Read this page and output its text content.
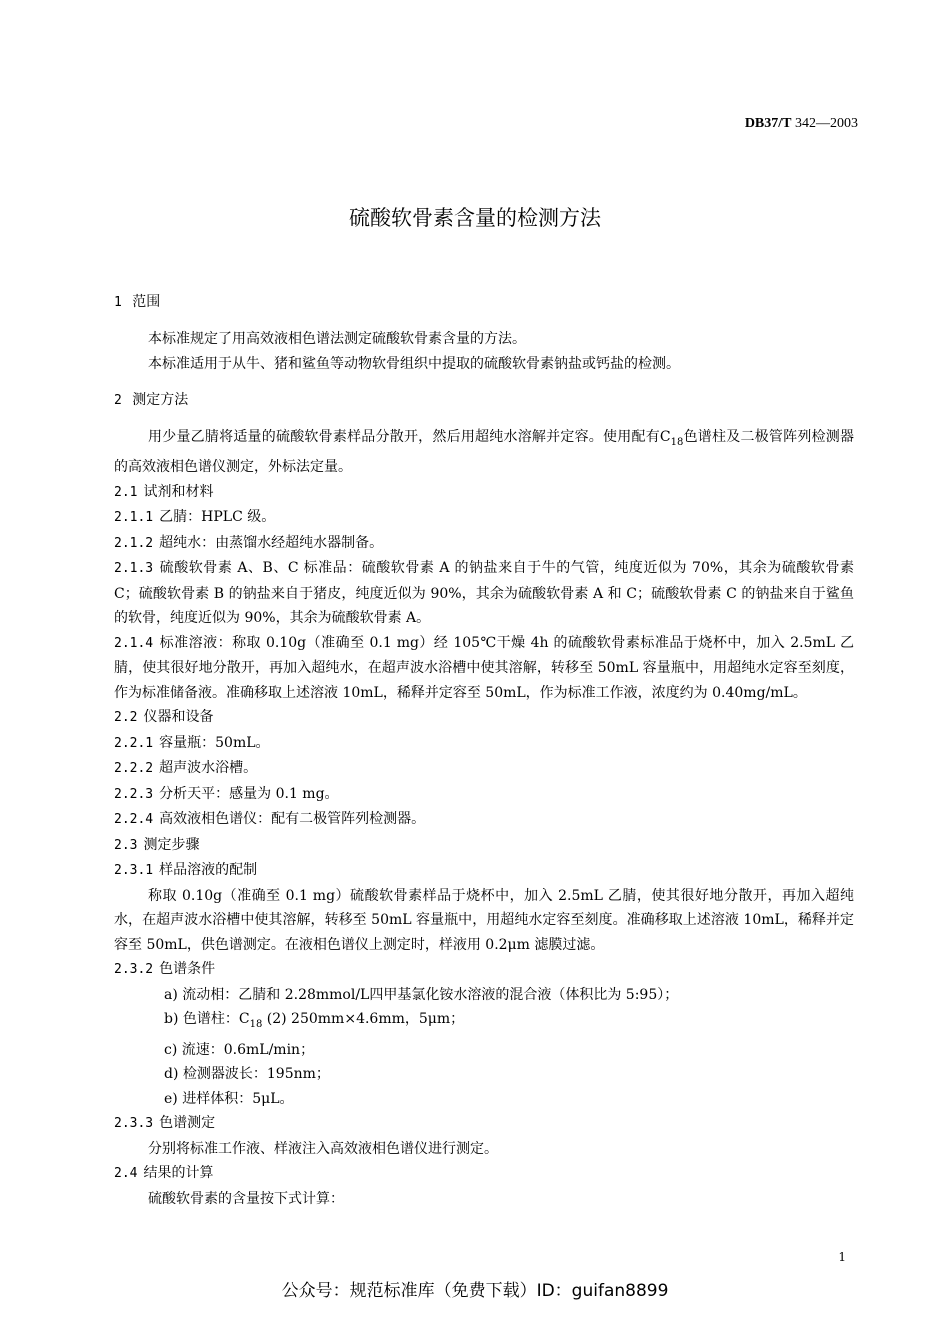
DB37/T 342—2003
硫酸软骨素含量的检测方法
1 范围
本标准规定了用高效液相色谱法测定硫酸软骨素含量的方法。
本标准适用于从牛、猪和鲨鱼等动物软骨组织中提取的硫酸软骨素钠盐或钙盐的检测。
2 测定方法
用少量乙腈将适量的硫酸软骨素样品分散开，然后用超纯水溶解并定容。使用配有$C_{18}$色谱柱及二极管阵列检测器的高效液相色谱仪测定，外标法定量。
2.1 试剂和材料
2.1.1 乙腈：HPLC 级。
2.1.2 超纯水：由蒸馏水经超纯水器制备。
2.1.3 硫酸软骨素 A、B、C 标准品：硫酸软骨素 A 的钠盐来自于牛的气管，纯度近似为 70%，其余为硫酸软骨素 C；硫酸软骨素 B 的钠盐来自于猪皮，纯度近似为 90%，其余为硫酸软骨素 A 和 C；硫酸软骨素 C 的钠盐来自于鲨鱼的软骨，纯度近似为 90%，其余为硫酸软骨素 A。
2.1.4 标准溶液：称取 0.10g（准确至 0.1 mg）经 105℃干燥 4h 的硫酸软骨素标准品于烧杯中，加入 2.5mL 乙腈，使其很好地分散开，再加入超纯水，在超声波水浴槽中使其溶解，转移至 50mL 容量瓶中，用超纯水定容至刻度，作为标准储备液。准确移取上述溶液 10mL，稀释并定容至 50mL，作为标准工作液，浓度约为 0.40mg/mL。
2.2 仪器和设备
2.2.1 容量瓶：50mL。
2.2.2 超声波水浴槽。
2.2.3 分析天平：感量为 0.1 mg。
2.2.4 高效液相色谱仪：配有二极管阵列检测器。
2.3 测定步骤
2.3.1 样品溶液的配制
称取 0.10g（准确至 0.1 mg）硫酸软骨素样品于烧杯中，加入 2.5mL 乙腈，使其很好地分散开，再加入超纯水，在超声波水浴槽中使其溶解，转移至 50mL 容量瓶中，用超纯水定容至刻度。准确移取上述溶液 10mL，稀释并定容至 50mL，供色谱测定。在液相色谱仪上测定时，样液用 0.2μm 滤膜过滤。
2.3.2 色谱条件
a) 流动相：乙腈和 2.28mmol/L四甲基氯化铵水溶液的混合液（体积比为 5:95）；
b) 色谱柱：$C_{18}$ (2) 250mm×4.6mm，5μm；
c) 流速：0.6mL/min；
d) 检测器波长：195nm；
e) 进样体积：5μL。
2.3.3 色谱测定
分别将标准工作液、样液注入高效液相色谱仪进行测定。
2.4 结果的计算
硫酸软骨素的含量按下式计算：
1
公众号：规范标准库（免费下载）ID：guifan8899
